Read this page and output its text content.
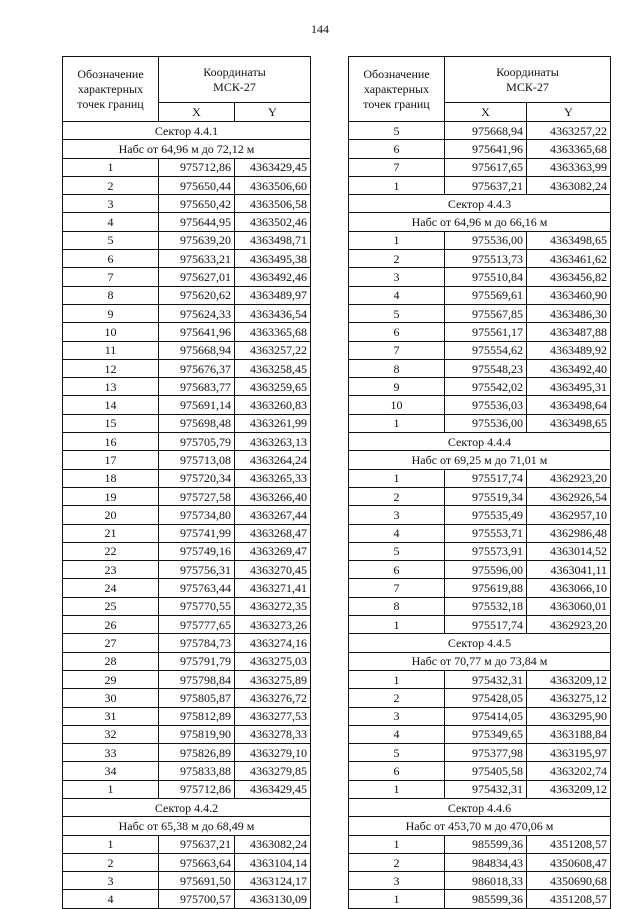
144
Обозначение
характерных
точек границ	Координаты
МСК-27	
	X	Y
Сектор 4.4.1		
Набс от 64,96 м до 72,12 м		
1	975712,86	4363429,45
2	975650,44	4363506,60
3	975650,42	4363506,58
4	975644,95	4363502,46
5	975639,20	4363498,71
6	975633,21	4363495,38
7	975627,01	4363492,46
8	975620,62	4363489,97
9	975624,33	4363436,54
10	975641,96	4363365,68
11	975668,94	4363257,22
12	975676,37	4363258,45
13	975683,77	4363259,65
14	975691,14	4363260,83
15	975698,48	4363261,99
16	975705,79	4363263,13
17	975713,08	4363264,24
18	975720,34	4363265,33
19	975727,58	4363266,40
20	975734,80	4363267,44
21	975741,99	4363268,47
22	975749,16	4363269,47
23	975756,31	4363270,45
24	975763,44	4363271,41
25	975770,55	4363272,35
26	975777,65	4363273,26
27	975784,73	4363274,16
28	975791,79	4363275,03
29	975798,84	4363275,89
30	975805,87	4363276,72
31	975812,89	4363277,53
32	975819,90	4363278,33
33	975826,89	4363279,10
34	975833,88	4363279,85
1	975712,86	4363429,45
Сектор 4.4.2		
Набс от 65,38 м до 68,49 м		
1	975637,21	4363082,24
2	975663,64	4363104,14
3	975691,50	4363124,17
4	975700,57	4363130,09
Обозначение
характерных
точек границ	Координаты
МСК-27	
	X	Y
5	975668,94	4363257,22
6	975641,96	4363365,68
7	975617,65	4363363,99
1	975637,21	4363082,24
Сектор 4.4.3		
Набс от 64,96 м до 66,16 м		
1	975536,00	4363498,65
2	975513,73	4363461,62
3	975510,84	4363456,82
4	975569,61	4363460,90
5	975567,85	4363486,30
6	975561,17	4363487,88
7	975554,62	4363489,92
8	975548,23	4363492,40
9	975542,02	4363495,31
10	975536,03	4363498,64
1	975536,00	4363498,65
Сектор 4.4.4		
Набс от 69,25 м до 71,01 м		
1	975517,74	4362923,20
2	975519,34	4362926,54
3	975535,49	4362957,10
4	975553,71	4362986,48
5	975573,91	4363014,52
6	975596,00	4363041,11
7	975619,88	4363066,10
8	975532,18	4363060,01
1	975517,74	4362923,20
Сектор 4.4.5		
Набс от 70,77 м до 73,84 м		
1	975432,31	4363209,12
2	975428,05	4363275,12
3	975414,05	4363295,90
4	975349,65	4363188,84
5	975377,98	4363195,97
6	975405,58	4363202,74
1	975432,31	4363209,12
Сектор 4.4.6		
Набс от 453,70 м до 470,06 м		
1	985599,36	4351208,57
2	984834,43	4350608,47
3	986018,33	4350690,68
1	985599,36	4351208,57
